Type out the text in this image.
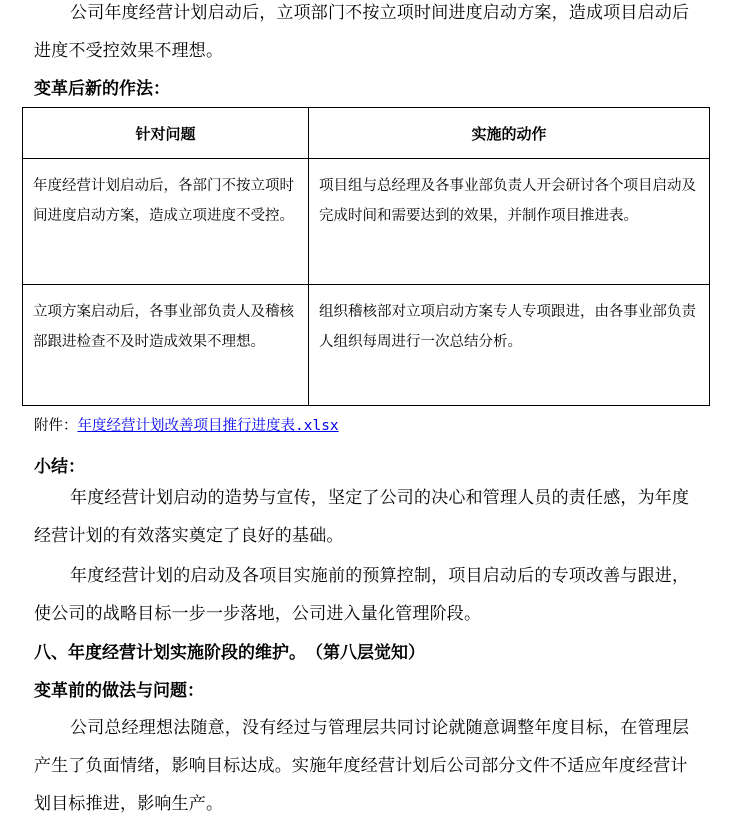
公司年度经营计划启动后，立项部门不按立项时间进度启动方案，造成项目启动后进度不受控效果不理想。

变革后新的作法：

针对问题	实施的动作
年度经营计划启动后，各部门不按立项时间进度启动方案，造成立项进度不受控。	项目组与总经理及各事业部负责人开会研讨各个项目启动及完成时间和需要达到的效果，并制作项目推进表。
立项方案启动后，各事业部负责人及稽核部跟进检查不及时造成效果不理想。	组织稽核部对立项启动方案专人专项跟进，由各事业部负责人组织每周进行一次总结分析。
附件：年度经营计划改善项目推行进度表.xlsx

小结：

年度经营计划启动的造势与宣传，坚定了公司的决心和管理人员的责任感，为年度经营计划的有效落实奠定了良好的基础。

年度经营计划的启动及各项目实施前的预算控制，项目启动后的专项改善与跟进，使公司的战略目标一步一步落地，公司进入量化管理阶段。

八、年度经营计划实施阶段的维护。　（第八层觉知）

变革前的做法与问题：

公司总经理想法随意，没有经过与管理层共同讨论就随意调整年度目标，在管理层产生了负面情绪，影响目标达成。实施年度经营计划后公司部分文件不适应年度经营计划目标推进，影响生产。
